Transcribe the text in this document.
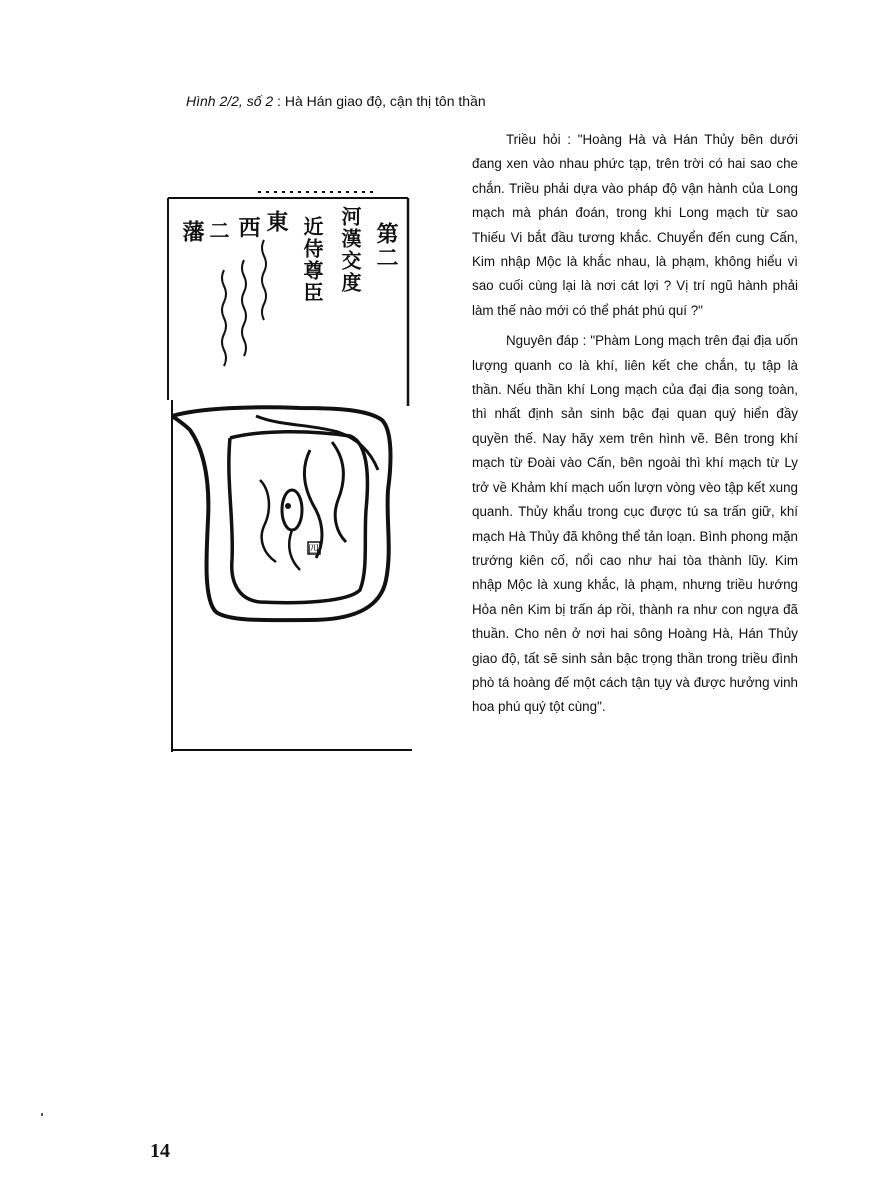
Hình 2/2, số 2 : Hà Hán giao độ, cận thị tôn thần
四
第二
河漢交度
近侍尊臣
東
西
二
藩

Triều hỏi : "Hoàng Hà và Hán Thủy bên dưới đang xen vào nhau phức tạp, trên trời có hai sao che chắn. Triều phải dựa vào pháp độ vận hành của Long mạch mà phán đoán, trong khi Long mạch từ sao Thiếu Vi bắt đầu tương khắc. Chuyển đến cung Cấn, Kim nhập Mộc là khắc nhau, là phạm, không hiểu vì sao cuối cùng lại là nơi cát lợi ? Vị trí ngũ hành phải làm thế nào mới có thể phát phú quí ?"

Nguyên đáp : "Phàm Long mạch trên đại địa uốn lượng quanh co là khí, liên kết che chắn, tụ tập là thần. Nếu thần khí Long mạch của đại địa song toàn, thì nhất định sản sinh bậc đại quan quý hiển đầy quyền thế. Nay hãy xem trên hình vẽ. Bên trong khí mạch từ Đoài vào Cấn, bên ngoài thì khí mạch từ Ly trở về Khảm khí mạch uốn lượn vòng vèo tập kết xung quanh. Thủy khẩu trong cục được tú sa trấn giữ, khí mạch Hà Thủy đã không thể tản loạn. Bình phong mặn trướng kiên cố, nổi cao như hai tòa thành lũy. Kim nhập Mộc là xung khắc, là phạm, nhưng triều hướng Hỏa nên Kim bị trấn áp rồi, thành ra như con ngựa đã thuần. Cho nên ở nơi hai sông Hoàng Hà, Hán Thủy giao độ, tất sẽ sinh sản bậc trọng thần trong triều đình phò tá hoàng đế một cách tận tụy và được hưởng vinh hoa phú quý tột cùng".

14
